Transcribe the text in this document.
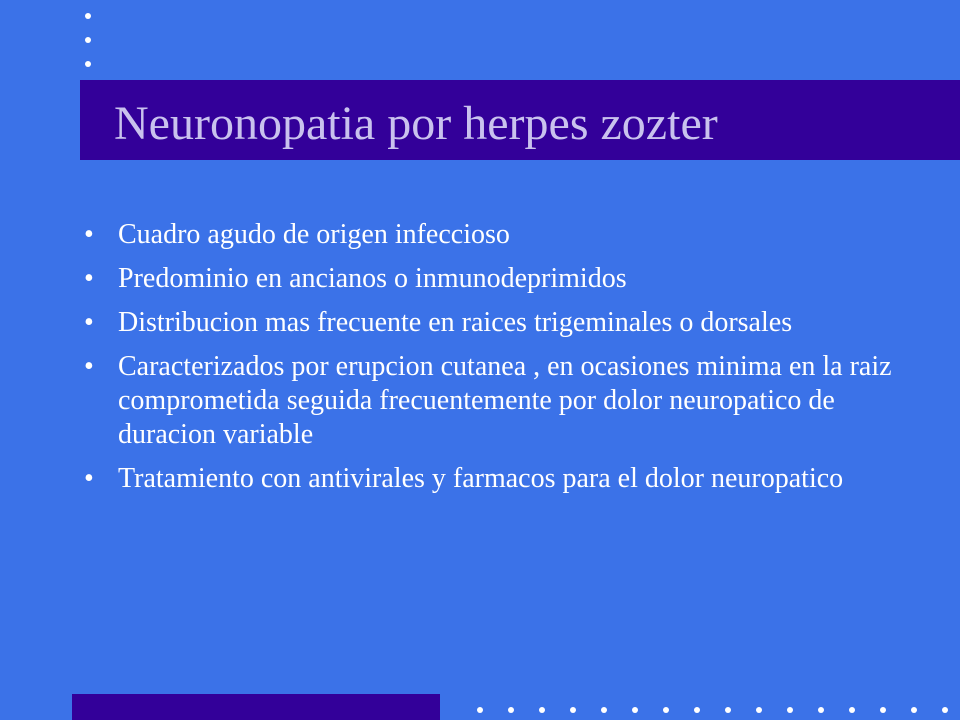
Neuronopatia por herpes zozter
• Cuadro agudo de origen infeccioso
• Predominio en ancianos o inmunodeprimidos
• Distribucion mas frecuente en raices trigeminales o dorsales
• Caracterizados por erupcion cutanea , en ocasiones minima en la raiz comprometida seguida frecuentemente por dolor neuropatico de duracion variable
• Tratamiento con antivirales y farmacos para el dolor neuropatico
